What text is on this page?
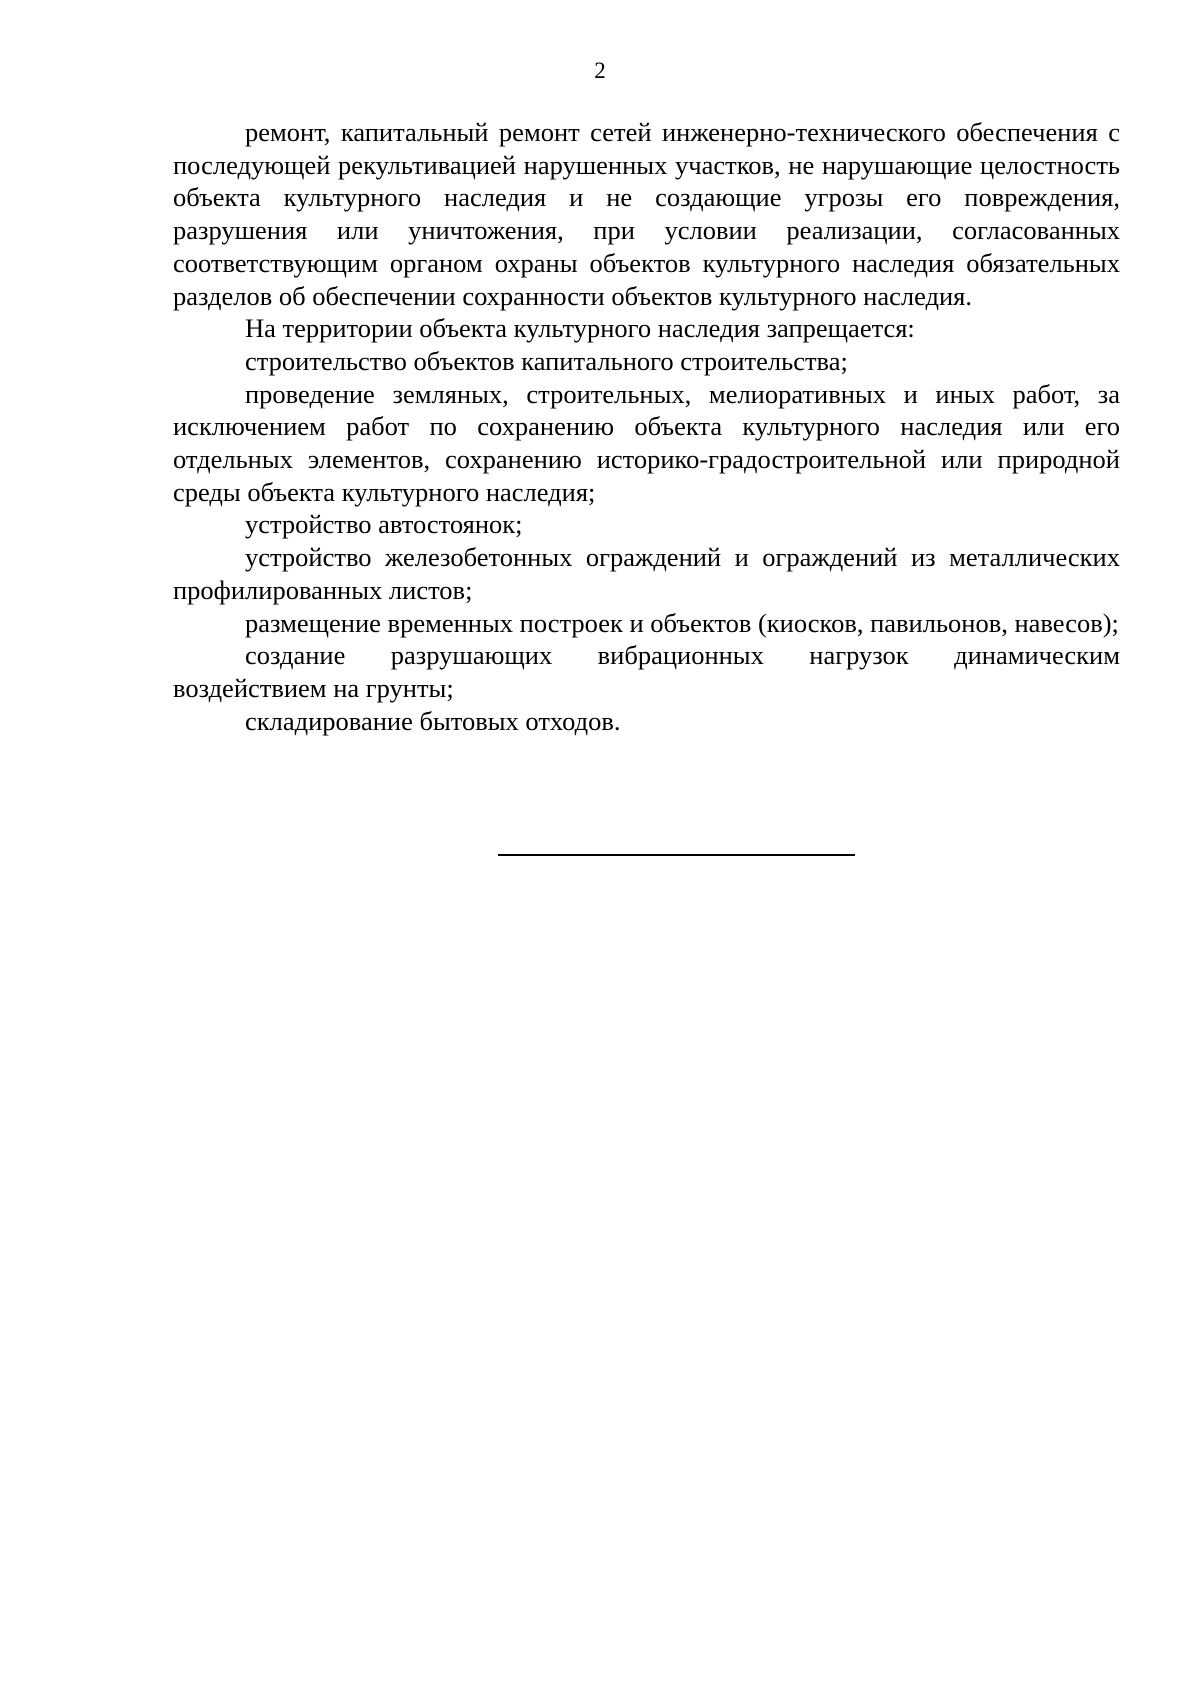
2

ремонт, капитальный ремонт сетей инженерно-технического обеспечения с последующей рекультивацией нарушенных участков, не нарушающие целостность объекта культурного наследия и не создающие угрозы его повреждения, разрушения или уничтожения, при условии реализации, согласованных соответствующим органом охраны объектов культурного наследия обязательных разделов об обеспечении сохранности объектов культурного наследия.

На территории объекта культурного наследия запрещается:

строительство объектов капитального строительства;

проведение земляных, строительных, мелиоративных и иных работ, за исключением работ по сохранению объекта культурного наследия или его отдельных элементов, сохранению историко-градостроительной или природной среды объекта культурного наследия;

устройство автостоянок;

устройство железобетонных ограждений и ограждений из металлических профилированных листов;

размещение временных построек и объектов (киосков, павильонов, навесов);

создание разрушающих вибрационных нагрузок динамическим воздействием на грунты;

складирование бытовых отходов.
